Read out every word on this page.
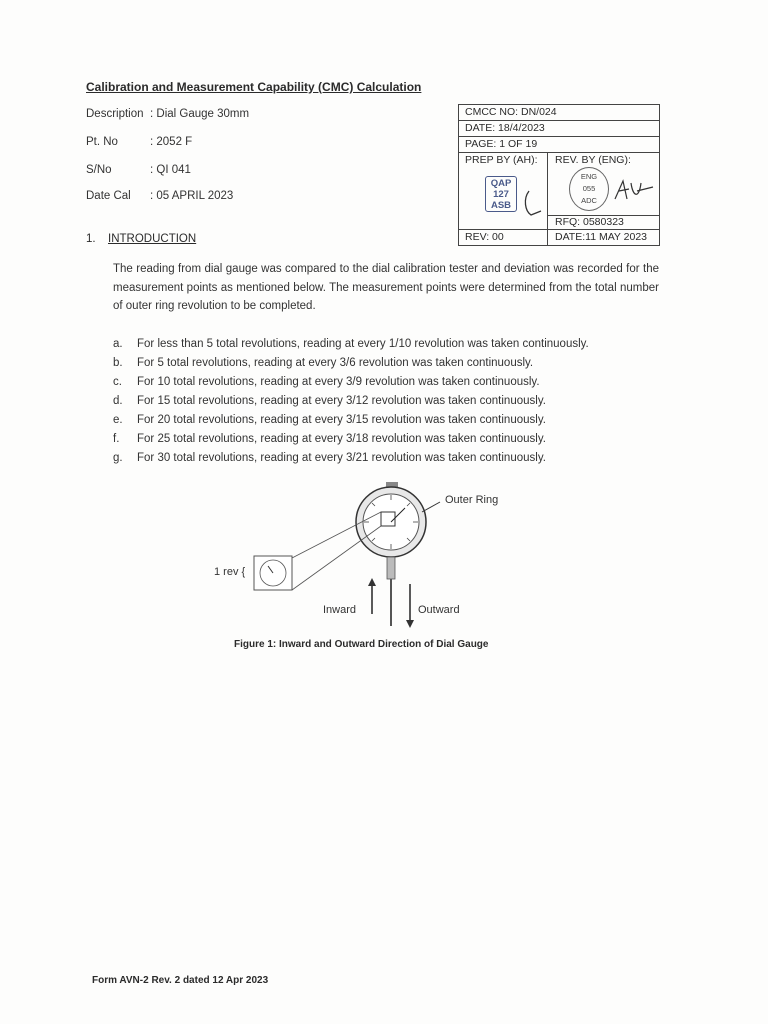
Calibration and Measurement Capability (CMC) Calculation
Description : Dial Gauge 30mm
Pt. No	: 2052 F
S/No	: QI 041
Date Cal : 05 APRIL 2023
CMCC NO: DN/024
DATE: 18/4/2023
PAGE: 1 OF 19
PREP BY (AH): REV. BY (ENG):
QAP
127
ASB
ENG
055
ADC
RFQ: 0580323
REV: 00	DATE:11 MAY 2023
1. INTRODUCTION
The reading from dial gauge was compared to the dial calibration tester and deviation was recorded for the measurement points as mentioned below. The measurement points were determined from the total number of outer ring revolution to be completed.
a. For less than 5 total revolutions, reading at every 1/10 revolution was taken continuously.
b. For 5 total revolutions, reading at every 3/6 revolution was taken continuously.
c. For 10 total revolutions, reading at every 3/9 revolution was taken continuously.
d. For 15 total revolutions, reading at every 3/12 revolution was taken continuously.
e. For 20 total revolutions, reading at every 3/15 revolution was taken continuously.
f. For 25 total revolutions, reading at every 3/18 revolution was taken continuously.
g. For 30 total revolutions, reading at every 3/21 revolution was taken continuously.
Outer Ring
1 rev {
Inward	Outward
Figure 1: Inward and Outward Direction of Dial Gauge
Form AVN-2 Rev. 2 dated 12 Apr 2023
